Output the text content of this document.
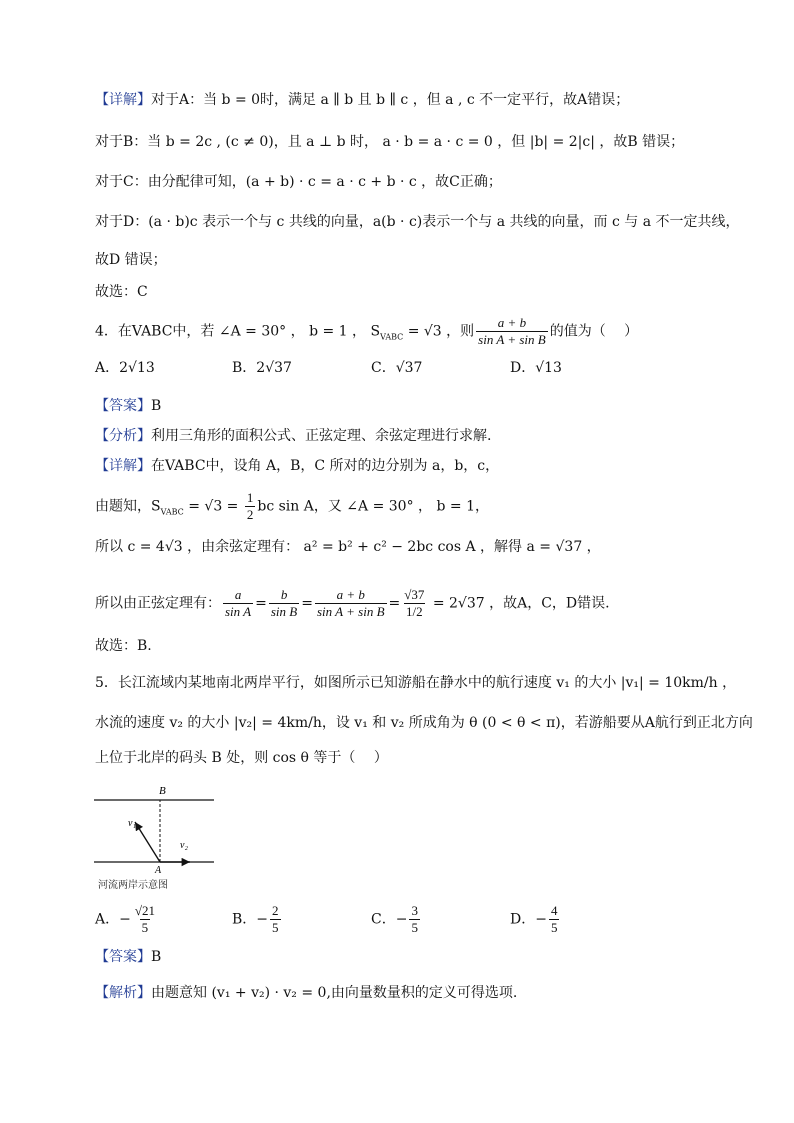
【详解】对于A：当 b = 0时，满足 a ∥ b 且 b ∥ c ，但 a , c 不一定平行，故A错误；
对于B：当 b = 2c , (c ≠ 0)，且 a ⊥ b 时， a · b = a · c = 0 ，但 |b| = 2|c| ，故B 错误；
对于C：由分配律可知，(a + b) · c = a · c + b · c ，故C正确；
对于D：(a · b)c 表示一个与 c 共线的向量，a(b · c)表示一个与 a 共线的向量，而 c 与 a 不一定共线，
故D 错误；
故选：C
4．在VABC中，若 ∠A = 30° ， b = 1 ， $S_{VABC} = √3$ ，则 $\frac{a + b}{\text{sin A + sin B}}$ 的值为（　 ）
A．2√13	B．2√37	C．√37	D．√13
【答案】B
【分析】利用三角形的面积公式、正弦定理、余弦定理进行求解.
【详解】在VABC中，设角 A，B，C 所对的边分别为 a，b，c，
由题知，$S_{VABC} = √3 = \frac{1}{2}$ bc sin A，又 ∠A = 30° ， b = 1，
所以 c = 4√3 ，由余弦定理有： a² = b² + c² − 2bc cos A ，解得 a = √37 ，
所以由正弦定理有： $\frac{a}{\text{sin A}} = \frac{b}{\text{sin B}} = \frac{a + b}{\text{sin A + sin B}} = \frac{√37}{1/2} = 2√37$ ，故A，C，D错误.
故选：B.
5．长江流域内某地南北两岸平行，如图所示已知游船在静水中的航行速度 v₁ 的大小 |v₁| = 10km/h ，
水流的速度 v₂ 的大小 |v₂| = 4km/h，设 v₁ 和 v₂ 所成角为 θ (0 < θ < π)，若游船要从A航行到正北方向
上位于北岸的码头 B 处，则 cos θ 等于（　 ）
B
A
v₁
v₂
河流两岸示意图
A．− $\frac{√21}{5}$	B．− $\frac{2}{5}$	C．− $\frac{3}{5}$	D．− $\frac{4}{5}$
【答案】B
【解析】由题意知 (v₁ + v₂) · v₂ = 0,由向量数量积的定义可得选项.
